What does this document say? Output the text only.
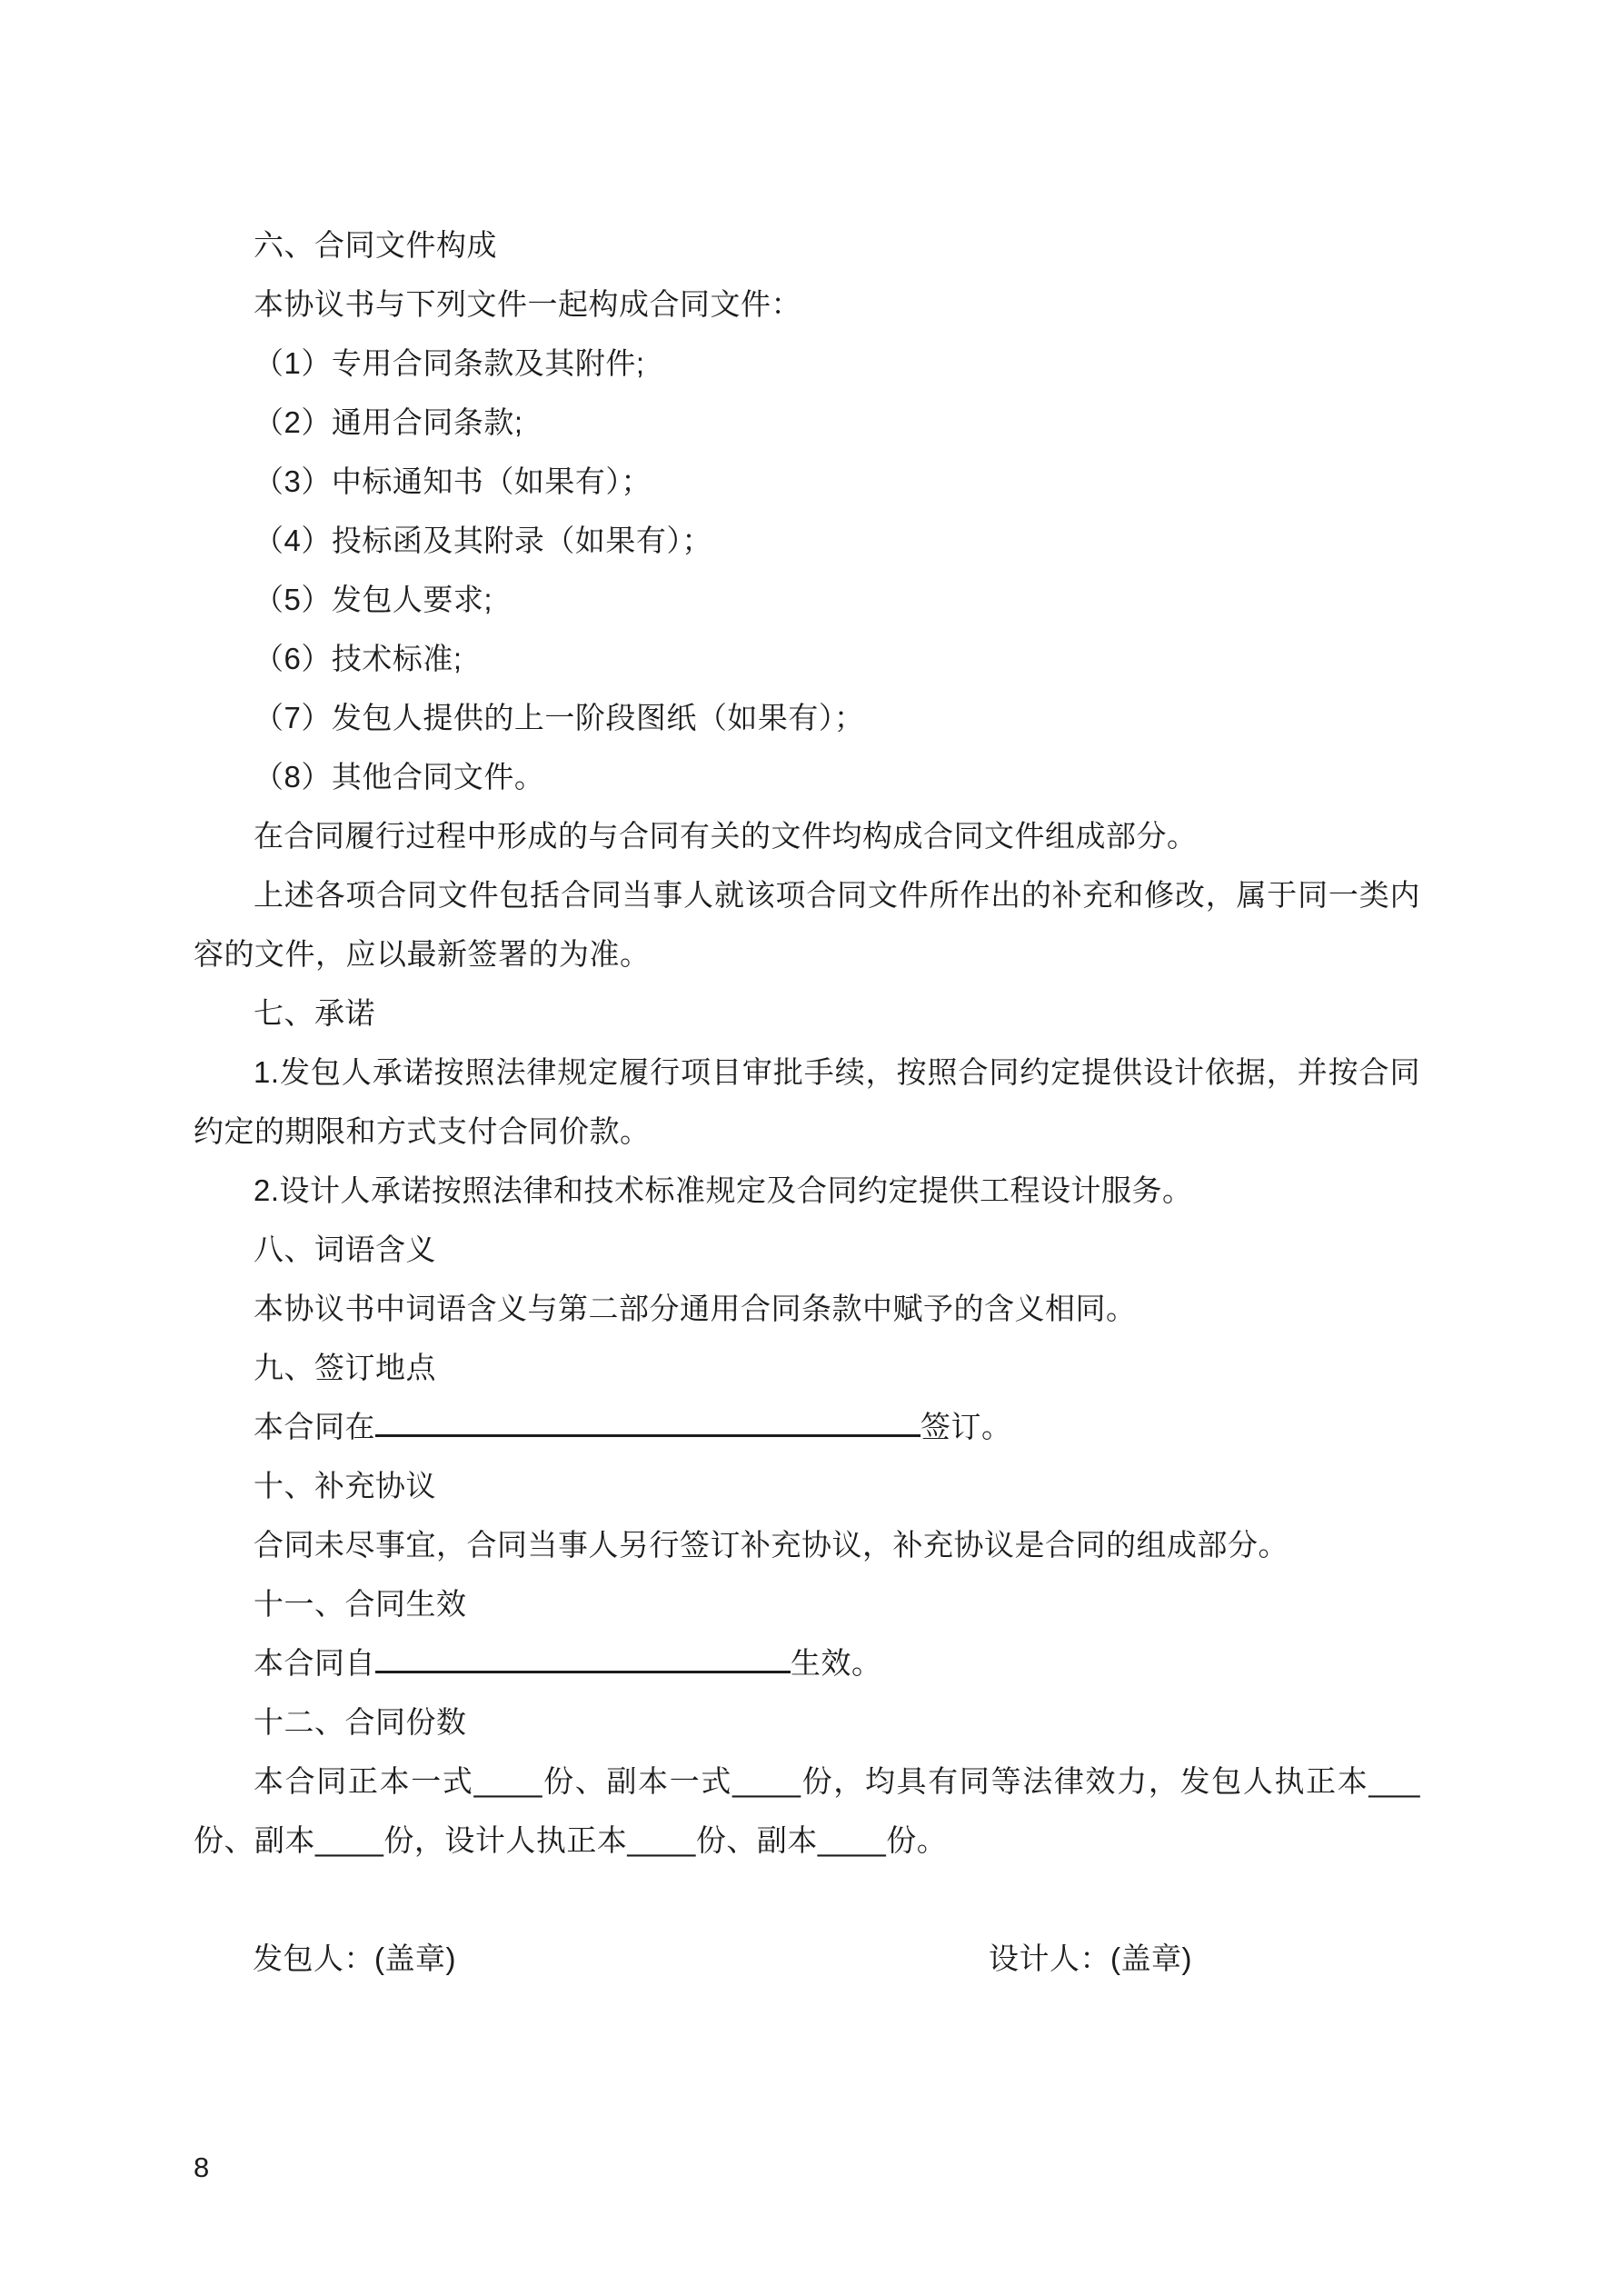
六、合同文件构成

本协议书与下列文件一起构成合同文件：

（1）专用合同条款及其附件;

（2）通用合同条款;

（3）中标通知书（如果有）；

（4）投标函及其附录（如果有）；

（5）发包人要求;

（6）技术标准;

（7）发包人提供的上一阶段图纸（如果有）；

（8）其他合同文件。

在合同履行过程中形成的与合同有关的文件均构成合同文件组成部分。

上述各项合同文件包括合同当事人就该项合同文件所作出的补充和修改，属于同一类内容的文件，应以最新签署的为准。

七、承诺

1.发包人承诺按照法律规定履行项目审批手续，按照合同约定提供设计依据，并按合同约定的期限和方式支付合同价款。

2.设计人承诺按照法律和技术标准规定及合同约定提供工程设计服务。

八、词语含义

本协议书中词语含义与第二部分通用合同条款中赋予的含义相同。

九、签订地点

本合同在	签订。

十、补充协议

合同未尽事宜，合同当事人另行签订补充协议，补充协议是合同的组成部分。

十一、合同生效

本合同自	生效。

十二、合同份数

本合同正本一式____份、副本一式____份，均具有同等法律效力，发包人执正本___份、副本____份，设计人执正本____份、副本____份。

发包人：(盖章)	设计人：(盖章)
8
